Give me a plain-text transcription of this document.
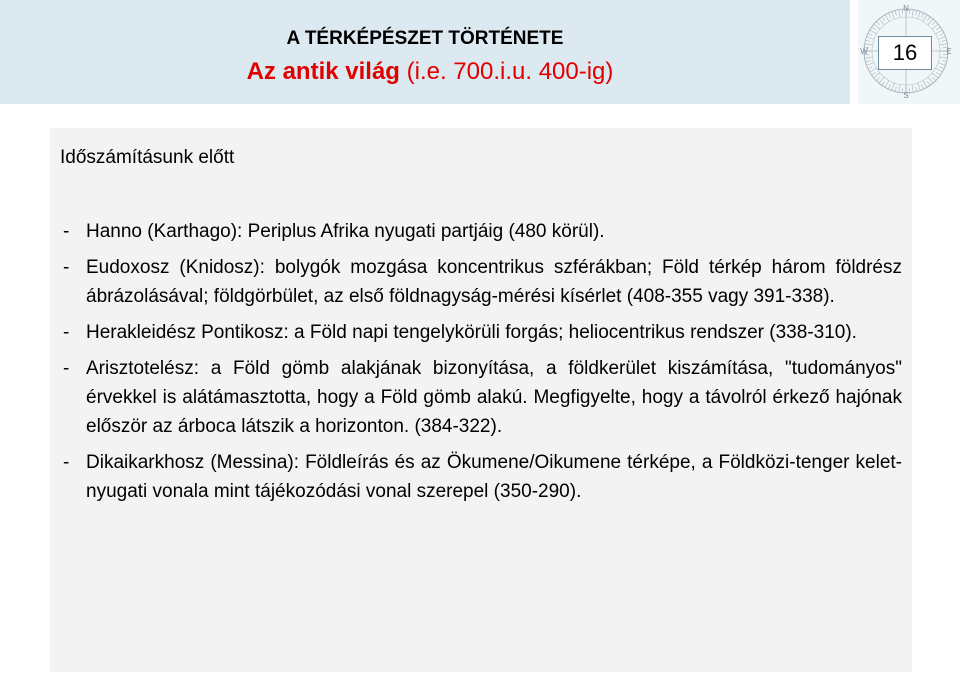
A TÉRKÉPÉSZET TÖRTÉNETE
Az antik világ (i.e. 700.i.u. 400-ig)
N
S
W	E
16
Időszámításunk előtt
- Hanno (Karthago): Periplus Afrika nyugati partjáig (480 körül).
- Eudoxosz (Knidosz): bolygók mozgása koncentrikus szférákban; Föld térkép három földrész ábrázolásával; földgörbület, az első földnagyság-mérési kísérlet (408-355 vagy 391-338).
- Herakleidész Pontikosz: a Föld napi tengelykörüli forgás; heliocentrikus rendszer (338-310).
- Arisztotelész: a Föld gömb alakjának bizonyítása, a földkerület kiszámítása, "tudományos" érvekkel is alátámasztotta, hogy a Föld gömb alakú. Megfigyelte, hogy a távolról érkező hajónak először az árboca látszik a horizonton. (384-322).
- Dikaikarkhosz (Messina): Földleírás és az Ökumene/Oikumene térképe, a Földközi-tenger kelet-nyugati vonala mint tájékozódási vonal szerepel (350-290).
